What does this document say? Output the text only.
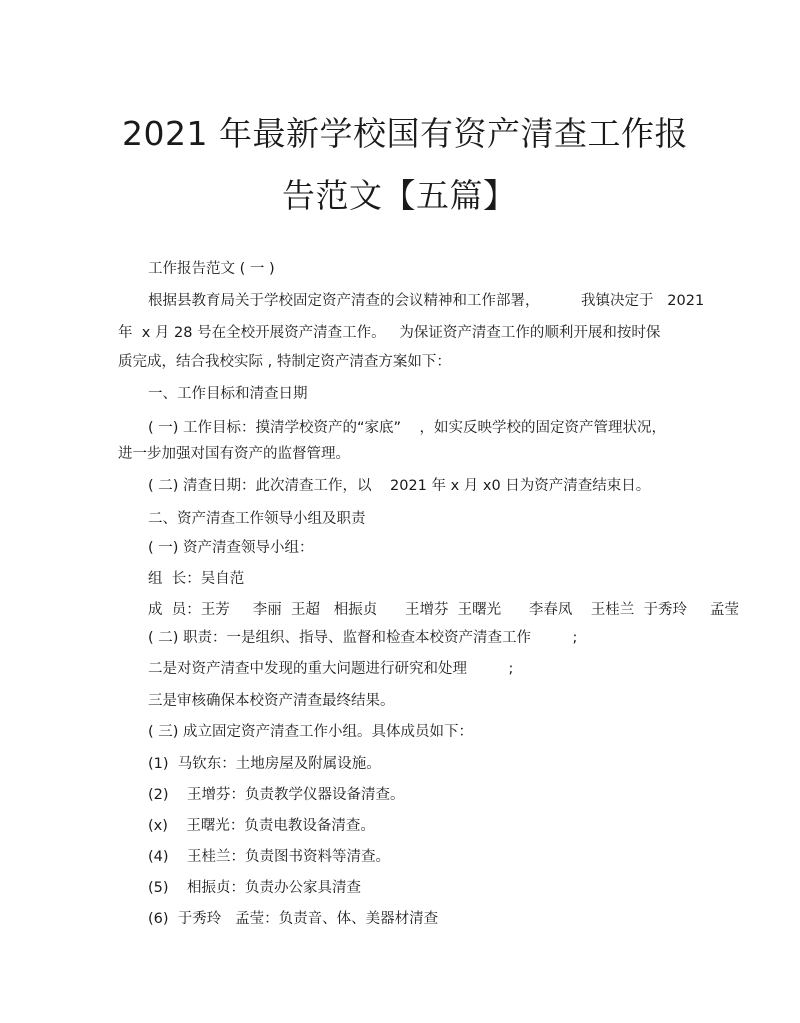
2021 年最新学校国有资产清查工作报
告范文【五篇】
工作报告范文 ( 一 )
根据县教育局关于学校固定资产清查的会议精神和工作部署，         我镇决定于   2021
年  x 月 28 号在全校开展资产清查工作。   为保证资产清查工作的顺利开展和按时保
质完成，结合我校实际 , 特制定资产清查方案如下：
一、工作目标和清查日期
( 一) 工作目标：摸清学校资产的“家底”    ，如实反映学校的固定资产管理状况，
进一步加强对国有资产的监督管理。
( 二) 清查日期：此次清查工作，以    2021 年 x 月 x0 日为资产清查结束日。
二、资产清查工作领导小组及职责
( 一) 资产清查领导小组：
组  长：吴自范
成  员：王芳     李丽  王超   相振贞      王增芬  王曙光      李春凤    王桂兰  于秀玲     孟莹
( 二) 职责：一是组织、指导、监督和检查本校资产清查工作         ;
二是对资产清查中发现的重大问题进行研究和处理         ;
三是审核确保本校资产清查最终结果。
( 三) 成立固定资产清查工作小组。具体成员如下：
(1)  马钦东：土地房屋及附属设施。
(2)    王增芬：负责教学仪器设备清查。
(x)    王曙光：负责电教设备清查。
(4)    王桂兰：负责图书资料等清查。
(5)    相振贞：负责办公家具清查
(6)  于秀玲   孟莹：负责音、体、美器材清查
